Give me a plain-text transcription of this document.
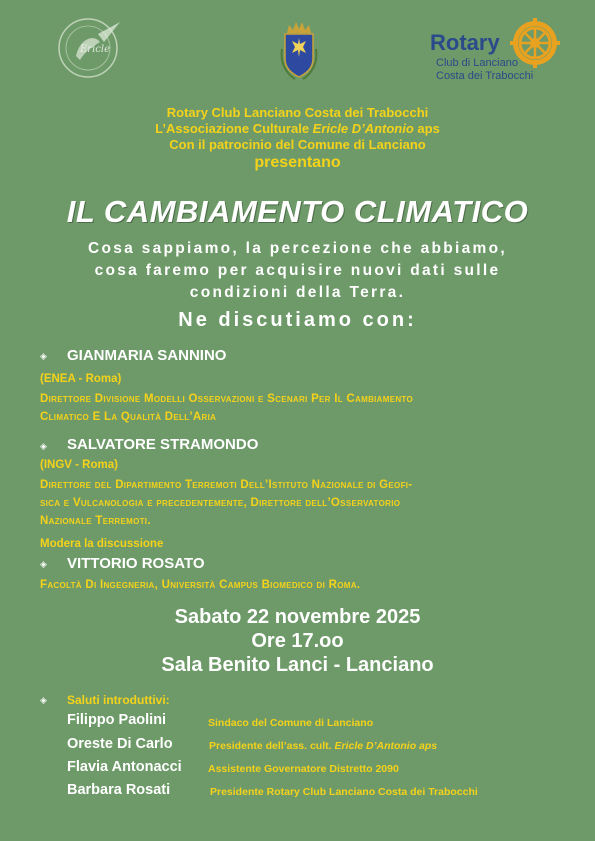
Ericle	Rotary
Club di Lanciano
Costa dei Trabocchi
Rotary Club Lanciano Costa dei Trabocchi
L’Associazione Culturale Ericle D’Antonio aps
Con il patrocinio del Comune di Lanciano
presentano
IL CAMBIAMENTO CLIMATICO
Cosa sappiamo, la percezione che abbiamo,
cosa faremo per acquisire nuovi dati sulle
condizioni della Terra.
Ne discutiamo con:
◈ GIANMARIA SANNINO
(ENEA - Roma)
Direttore Divisione Modelli Osservazioni e Scenari Per Il Cambiamento
Climatico E La Qualità Dell’Aria
◈ SALVATORE STRAMONDO
(INGV - Roma)
Direttore del Dipartimento Terremoti Dell’Istituto Nazionale di Geofi-
sica e Vulcanologia e precedentemente, Direttore dell’Osservatorio
Nazionale Terremoti.
Modera la discussione
◈ VITTORIO ROSATO
Facoltà Di Ingegneria, Università Campus Biomedico di Roma.
Sabato 22 novembre 2025
Ore 17.oo
Sala Benito Lanci - Lanciano
◈ Saluti introduttivi:
Filippo Paolini	Sindaco del Comune di Lanciano
Oreste Di Carlo	Presidente dell’ass. cult. Ericle D’Antonio aps
Flavia Antonacci	Assistente Governatore Distretto 2090
Barbara Rosati	Presidente Rotary Club Lanciano Costa dei Trabocchi
